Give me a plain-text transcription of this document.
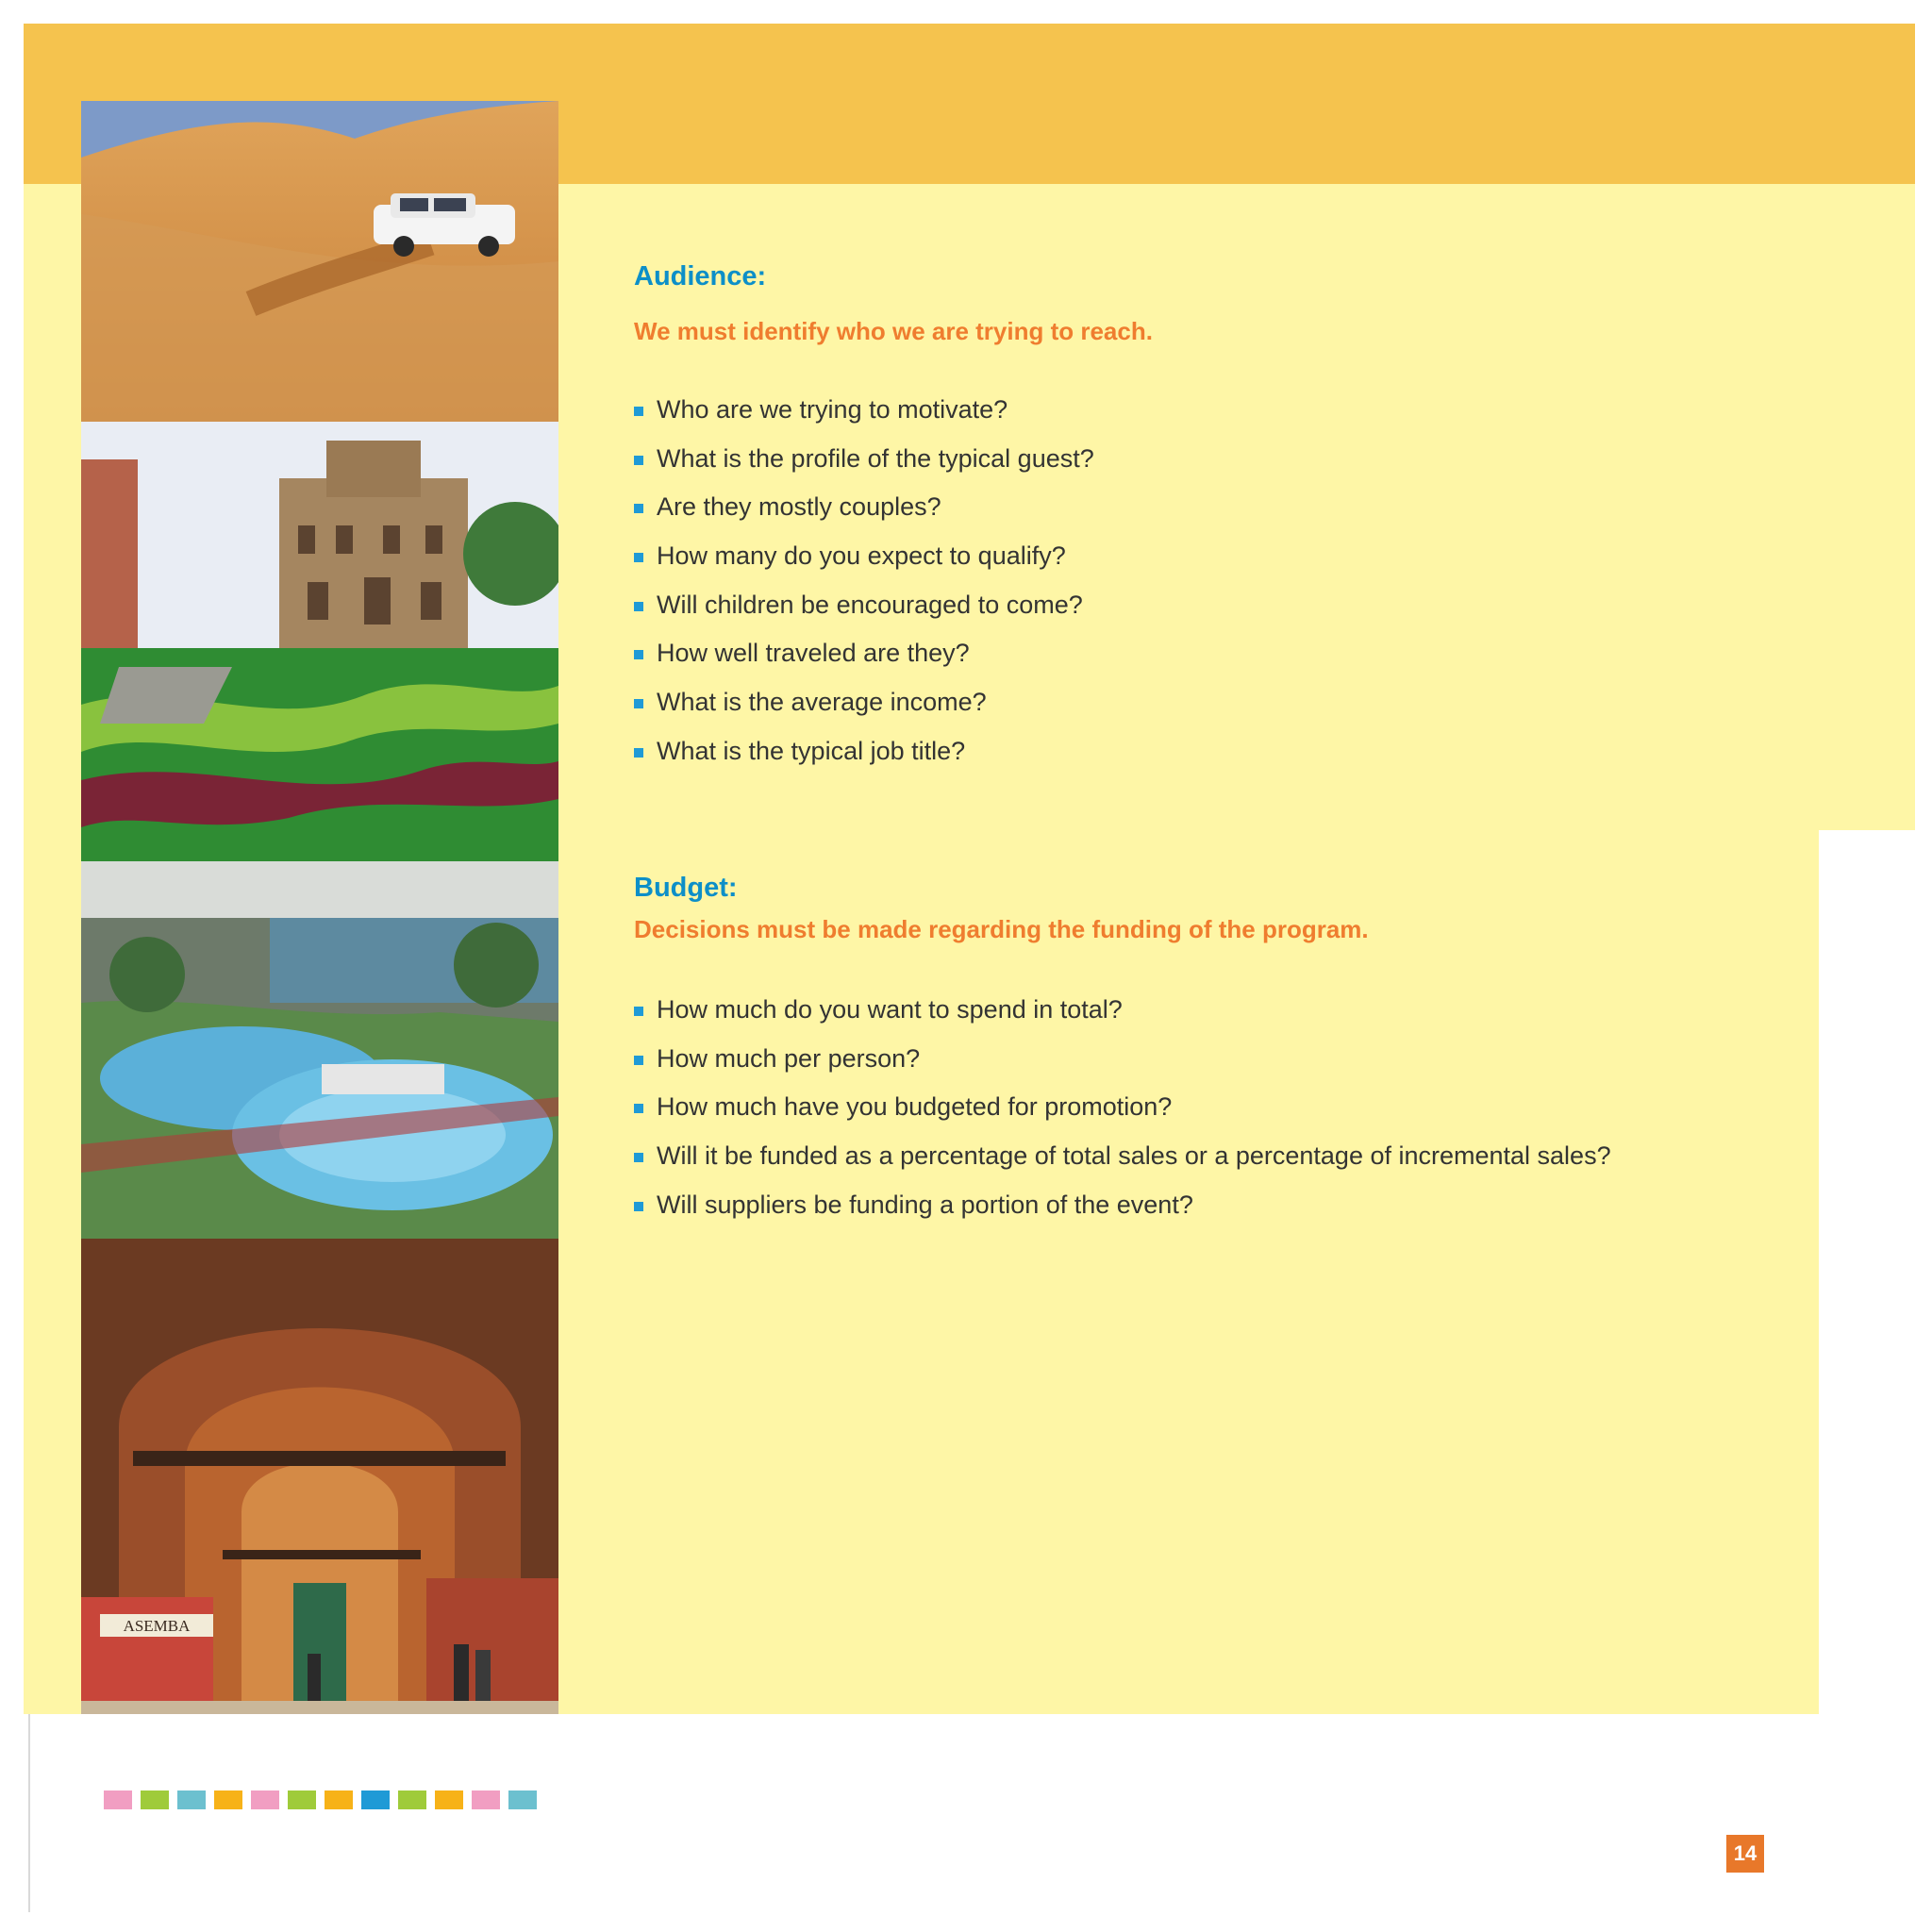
ASEMBA
Audience:

We must identify who we are trying to reach.

Who are we trying to motivate?
What is the profile of the typical guest?
Are they mostly couples?
How many do you expect to qualify?
Will children be encouraged to come?
How well traveled are they?
What is the average income?
What is the typical job title?
Budget:

Decisions must be made regarding the funding of the program.

How much do you want to spend in total?
How much per person?
How much have you budgeted for promotion?
Will it be funded as a percentage of total sales or a percentage of incremental sales?
Will suppliers be funding a portion of the event?
14
